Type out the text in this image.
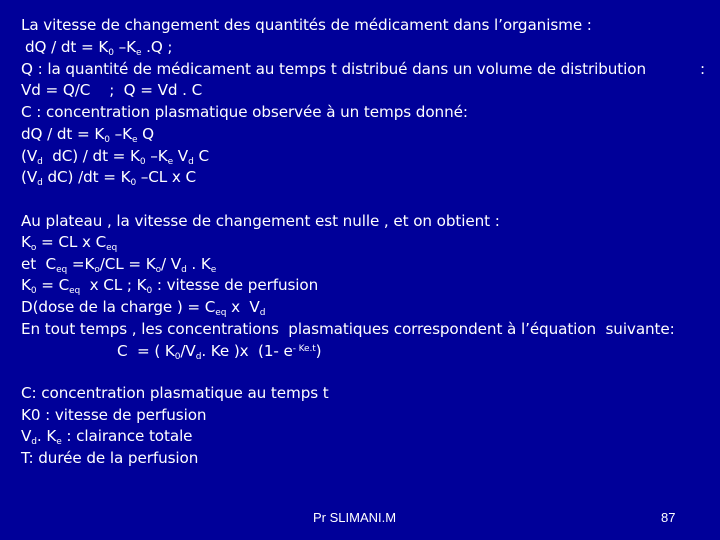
La vitesse de changement des quantités de médicament dans l’organisme :
dQ / dt = $K_0$ $-K_e$ .Q ;
Q : la quantité de médicament au temps t distribué dans un volume de distribution	:
Vd = Q/C    ;  Q = Vd . C
C : concentration plasmatique observée à un temps donné:
dQ / dt = $K_0$ $-K_e$ Q
($V_d$  dC) / dt = $K_0$ $-K_e$ $V_d$ C
($V_d$ dC) $/dt = K_0$ –CL x C
Au plateau , la vitesse de changement est nulle , et on obtient :
$K_o$ = CL x $C_{eq}$
et  $C_{eq} =K_o/CL = K_o/$ $V_d$ . $K_e$
$K_0 = C_{eq}$  x CL ; $K_0$ : vitesse de perfusion
D(dose de la charge ) = $C_{eq}$ x  $V_d$
En tout temps , les concentrations  plasmatiques correspondent à l’équation  suivante:
C  = ( $K_0/V_d$. Ke )x  (1- $e^{- Ke.t}$)
C: concentration plasmatique au temps t
K0 : vitesse de perfusion
$V_d$. $K_e$ : clairance totale
T: durée de la perfusion
Pr SLIMANI.M	87
